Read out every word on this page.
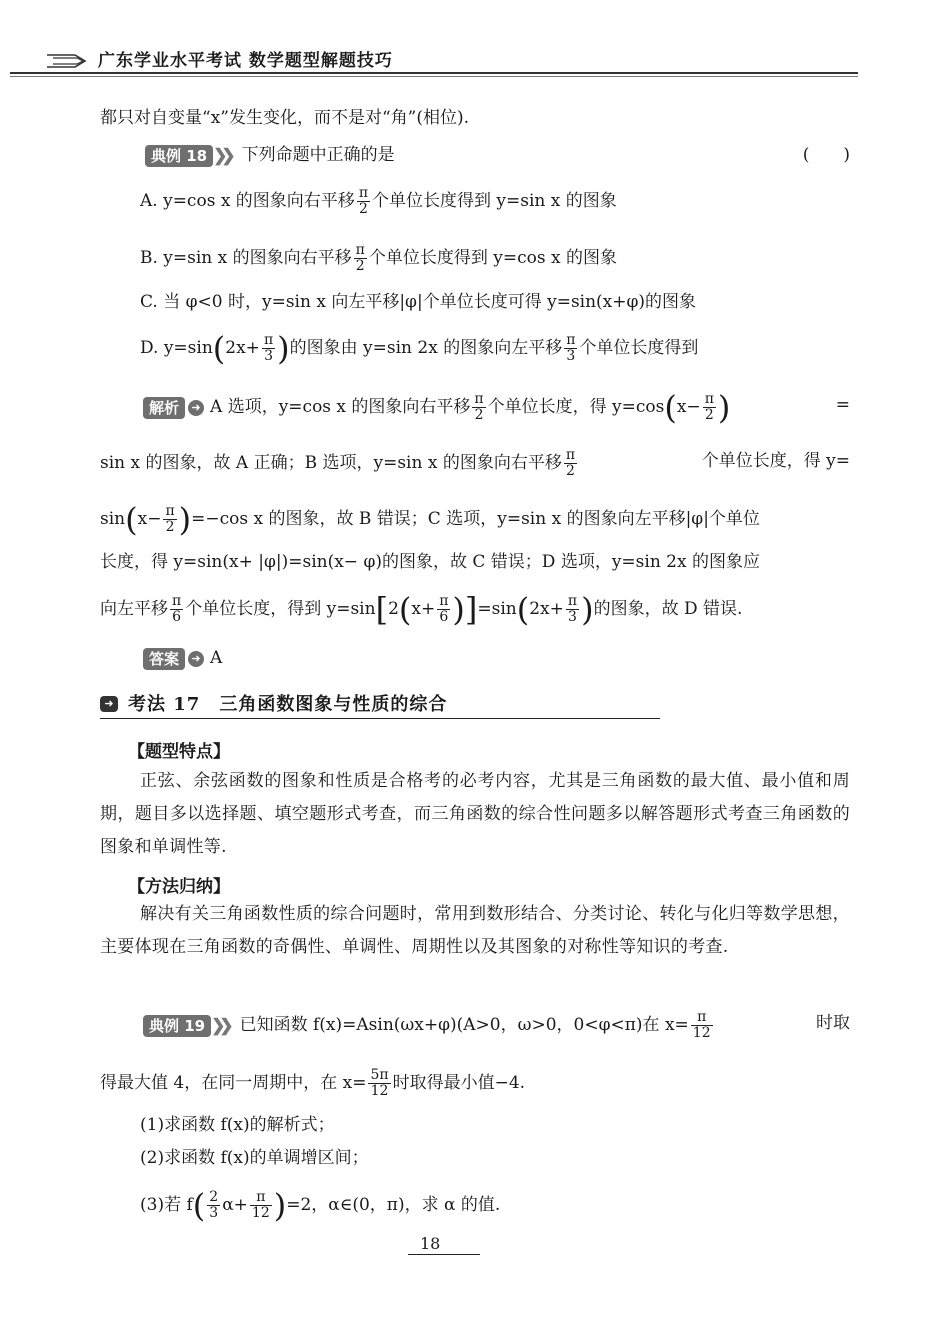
广东学业水平考试 数学题型解题技巧
都只对自变量“x”发生变化，而不是对“角”(相位).
典例 18 ❯❯ 下列命题中正确的是	(　　)
A. y=cos x 的图象向右平移 $\frac{\pi}{2}$ 个单位长度得到 y=sin x 的图象
B. y=sin x 的图象向右平移 $\frac{\pi}{2}$ 个单位长度得到 y=cos x 的图象
C. 当 φ<0 时，y=sin x 向左平移|φ|个单位长度可得 y=sin(x+φ)的图象
D. $y=\sin(2x+ \frac{\pi}{3}$ )的图象由 y=sin 2x 的图象向左平移 $\frac{\pi}{3}$ 个单位长度得到
解析 ➜ A 选项，y=cos x 的图象向右平移 $\frac{\pi}{2}$ 个单位长度，得 $y=\cos(x- \frac{\pi}{2}$ )	=
sin x 的图象，故 A 正确；B 选项，y=sin x 的图象向右平移 $\frac{\pi}{2}$	个单位长度，得 y=
$\sin(x- \frac{\pi}{2} )=-\cos$ x 的图象，故 B 错误；C 选项，y=sin x 的图象向左平移|φ|个单位
长度，得 y=sin(x+ |φ|)=sin(x− φ)的图象，故 C 错误；D 选项，y=sin 2x 的图象应
向左平移 $\frac{\pi}{6}$ 个单位长度，得到 $y=\sin[2(x+ \frac{\pi}{6} )]=\sin(2x+ \frac{\pi}{3}$ )的图象，故 D 错误.
答案 ➜ A
➜ 考法 17　三角函数图象与性质的综合
【题型特点】
正弦、余弦函数的图象和性质是合格考的必考内容，尤其是三角函数的最大值、最小值和周期，题目多以选择题、填空题形式考查，而三角函数的综合性问题多以解答题形式考查三角函数的图象和单调性等.
【方法归纳】
解决有关三角函数性质的综合问题时，常用到数形结合、分类讨论、转化与化归等数学思想，主要体现在三角函数的奇偶性、单调性、周期性以及其图象的对称性等知识的考查.
典例 19 ❯❯ 已知函数 f(x)=Asin(ωx+φ)(A>0，ω>0，0<φ<π)在 $x= \frac{\pi}{12}$	时取
得最大值 4，在同一周期中，在 $x= \frac{5\pi}{12}$ 时取得最小值−4.
(1)求函数 f(x)的解析式；
(2)求函数 f(x)的单调增区间；
(3)若 $f( \frac{2}{3} \alpha+ \frac{\pi}{12} )=2$，α∈(0，π)，求 α 的值.
18
